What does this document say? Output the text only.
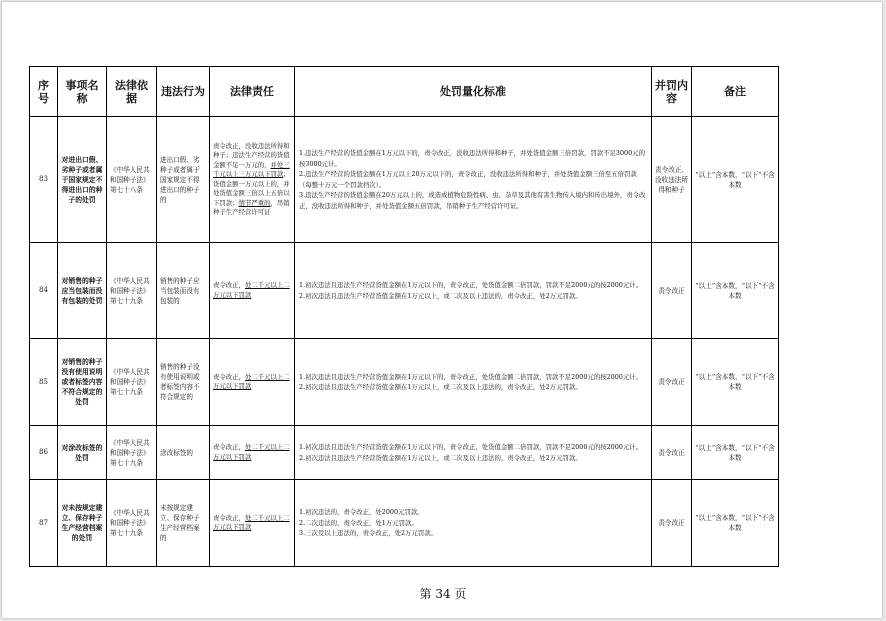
序号	事项名称	法律依据	违法行为	法律责任	处罚量化标准	并罚内容	备注
83	对进出口假、劣种子或者属于国家规定不得进出口的种子的处罚	《中华人民共和国种子法》第七十八条	进出口假、劣种子或者属于国家规定不得进出口的种子的	责令改正，没收违法所得和种子；违法生产经营的货值金额不足一万元的，并处三千元以上三万元以下罚款；货值金额一万元以上的，并处货值金额三倍以上五倍以下罚款；情节严重的，吊销种子生产经营许可证	1.违法生产经营的货值金额在1万元以下的，责令改正，没收违法所得和种子，并处货值金额三倍罚款，罚款不足3000元的按3000元计。
2.违法生产经营的货值金额在1万元以上20万元以下的，责令改正，没收违法所得和种子，并处货值金额三倍至五倍罚款（每整十万元一个罚款档次）。
3.违法生产经营的货值金额在20万元以上的，或造成植物危险性病、虫、杂草及其他有害生物传入境内和传出境外，责令改正，没收违法所得和种子，并处货值金额五倍罚款，吊销种子生产经营许可证。	责令改正、没收违法所得和种子	“以上”含本数，“以下”不含本数
84	对销售的种子应当包装而没有包装的处罚	《中华人民共和国种子法》第七十九条	销售的种子应当包装而没有包装的	责令改正，处二千元以上二万元以下罚款	1.初次违法且违法生产经营货值金额在1万元以下的，责令改正，处货值金额二倍罚款，罚款不足2000元的按2000元计。
2.初次违法且违法生产经营货值金额在1万元以上，或二次及以上违法的，责令改正，处2万元罚款。	责令改正	“以上”含本数，“以下”不含本数
85	对销售的种子没有使用说明或者标签内容不符合规定的处罚	《中华人民共和国种子法》第七十九条	销售的种子没有使用说明或者标签内容不符合规定的	责令改正，处二千元以上二万元以下罚款	1.初次违法且违法生产经营货值金额在1万元以下的，责令改正，处货值金额二倍罚款，罚款不足2000元的按2000元计。
2.初次违法且违法生产经营货值金额在1万元以上，或二次及以上违法的，责令改正，处2万元罚款。	责令改正	“以上”含本数，“以下”不含本数
86	对涂改标签的处罚	《中华人民共和国种子法》第七十九条	涂改标签的	责令改正，处二千元以上二万元以下罚款	1.初次违法且违法生产经营货值金额在1万元以下的，责令改正，处货值金额二倍罚款，罚款不足2000元的按2000元计。
2.初次违法且违法生产经营货值金额在1万元以上，或二次及以上违法的，责令改正，处2万元罚款。	责令改正	“以上”含本数，“以下”不含本数
87	对未按规定建立、保存种子生产经营档案的处罚	《中华人民共和国种子法》第七十九条	未按规定建立、保存种子生产经营档案的	责令改正，处二千元以上二万元以下罚款	1.初次违法的，责令改正，处2000元罚款。
2.二次违法的，责令改正，处1万元罚款。
3.三次及以上违法的，责令改正，处2万元罚款。	责令改正	“以上”含本数，“以下”不含本数
第 34 页
